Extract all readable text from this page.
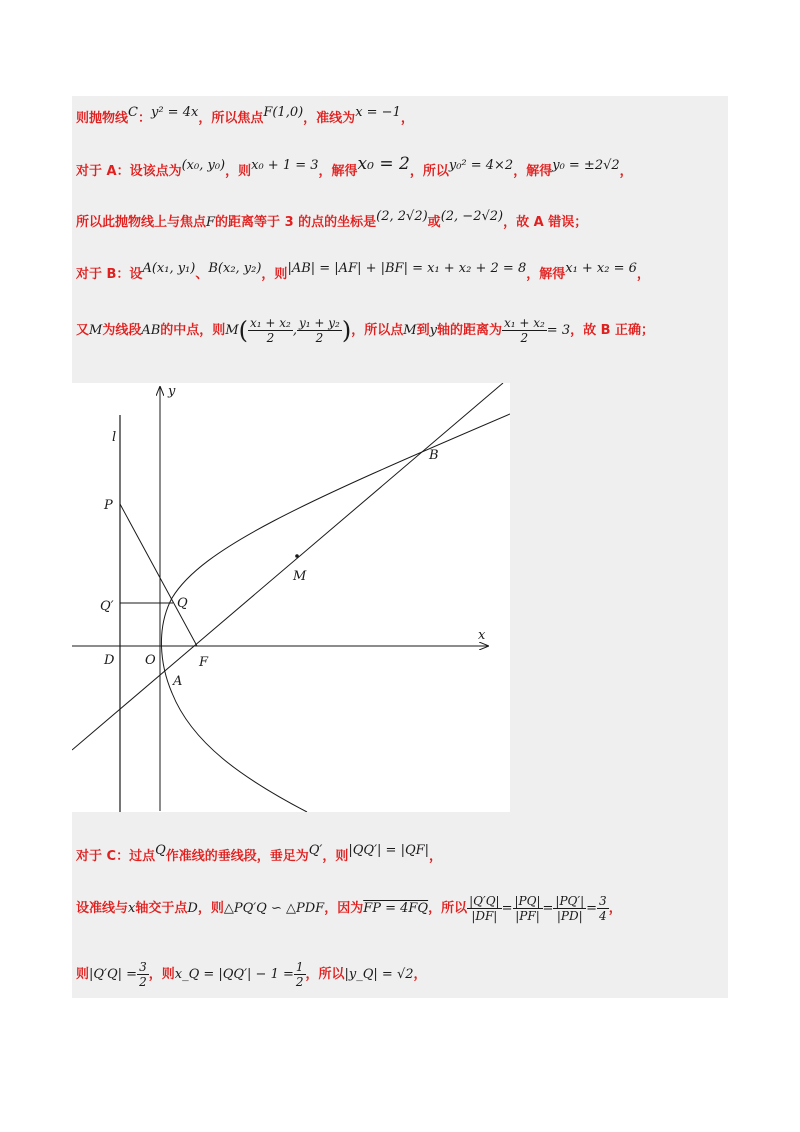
则抛物线C：y² = 4x，所以焦点F(1,0)，准线为x = −1，
对于 A：设该点为(x₀, y₀)，则x₀ + 1 = 3，解得x₀ = 2，所以y₀² = 4×2，解得y₀ = ±2√2，
所以此抛物线上与焦点F的距离等于 3 的点的坐标是(2, 2√2)或(2, −2√2)，故 A 错误；
对于 B：设A(x₁, y₁)、B(x₂, y₂)，则|AB| = |AF| + |BF| = x₁ + x₂ + 2 = 8，解得x₁ + x₂ = 6，
又M为线段AB的中点，则$M( \frac{\text{x₁ + x₂}}{2}$ , $\frac{\text{y₁ + y₂}}{2}$ )，所以点M到y轴的距离为 $\frac{\text{x₁ + x₂}}{2} = 3$，故 B 正确；
y
x
l
P
Q′	Q
D O	F
A
B
M
对于 C：过点Q作准线的垂线段，垂足为Q′，则|QQ′| = |QF|，
设准线与x轴交于点D，则△PQ′Q ∽ △PDF，因为FP = 4FQ，所以 $\frac{|Q'Q|}{|DF|} = \frac{|PQ|}{|PF|} = \frac{|PQ'|}{|PD|} = \frac{3}{4}$ ，
则$|Q'Q| = \frac{3}{2}$ ，则x_Q = $|QQ'| - 1 = \frac{1}{2}$ ，所以|y_Q| = √2，
